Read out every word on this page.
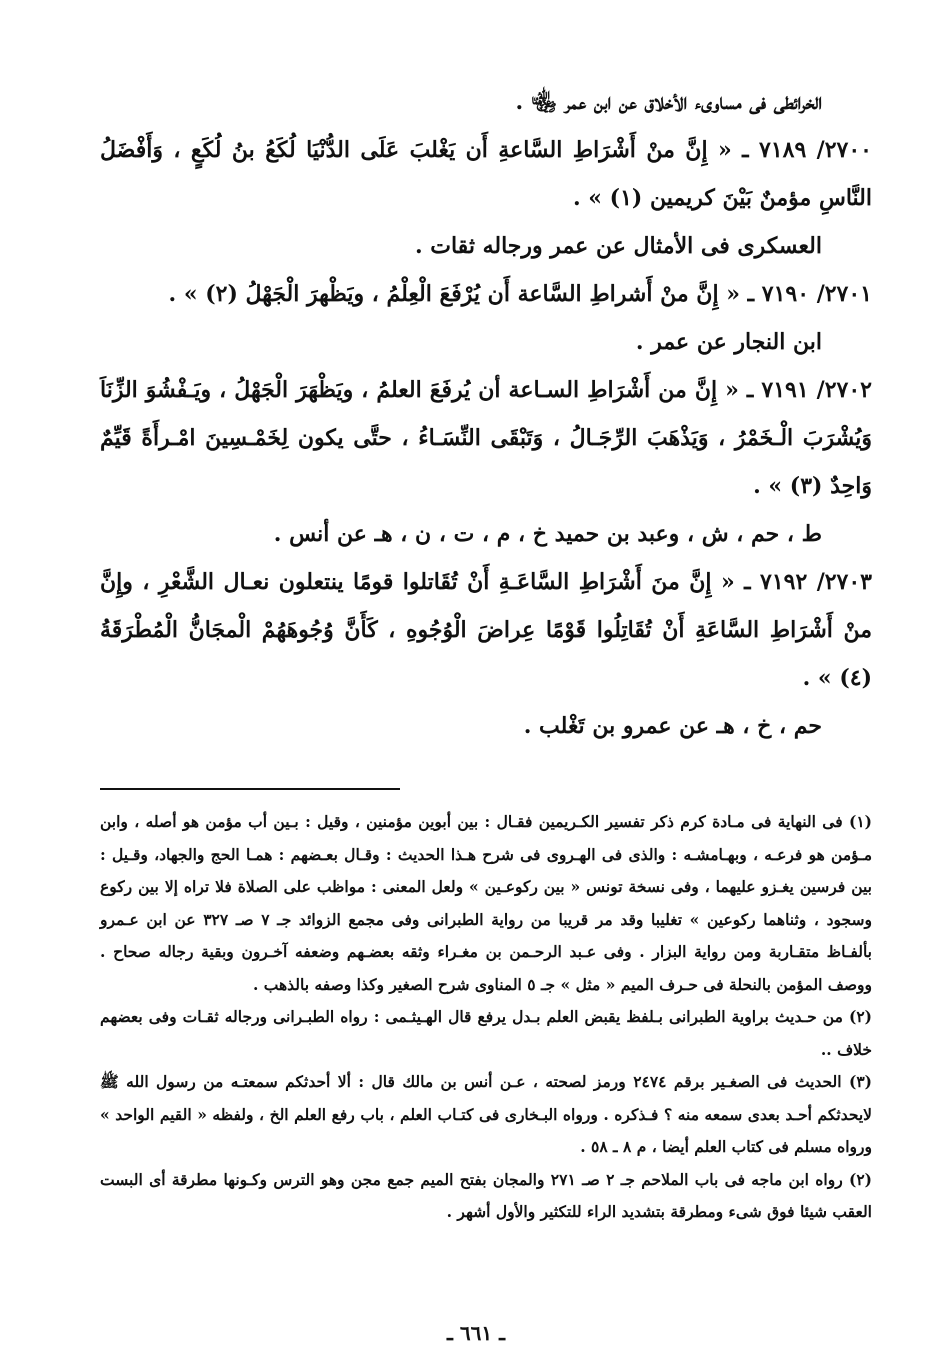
الخرائطى فى مساوىء الأخلاق عن ابن عمر ﵄ .

٢٧٠٠/ ٧١٨٩ ـ « إِنَّ منْ أَشْرَاطِ السَّاعةِ أَن يَغْلبَ عَلَى الدُّنْيَا لُكَعُ بنُ لُكَعٍ ، وَأَفْضَلُ النَّاسِ مؤمنٌ بَيْنَ كريمين (١) » .

العسكرى فى الأمثال عن عمر ورجاله ثقات .

٢٧٠١/ ٧١٩٠ ـ « إِنَّ منْ أَشراطِ السَّاعة أَن يُرْفَعَ الْعِلْمُ ، ويَظْهرَ الْجَهْلُ (٢) » .

ابن النجار عن عمر .

٢٧٠٢/ ٧١٩١ ـ « إِنَّ من أَشْرَاطِ السـاعة أن يُرفَعَ العلمُ ، ويَظْهَرَ الْجَهْلُ ، ويَـفْشُوَ الزِّنَاَ وَيُشْرَبَ الْـخَمْرُ ، وَيَذْهَبَ الرِّجَـالُ ، وَتَبْقَى النِّسَـاءُ ، حتَّى يكون لِخَمْـسِينَ امْـرأَةً قَيِّمٌ وَاحِدٌ (٣) » .

ط ، حم ، ش ، وعبد بن حميد خ ، م ، ت ، ن ، هـ عن أنس .

٢٧٠٣/ ٧١٩٢ ـ « إِنَّ منَ أَشْرَاطِ السَّاعَـةِ أَنْ تُقَاتلوا قومًا ينتعلون نعـال الشَّعْرِ ، وإِنَّ منْ أَشْرَاطِ السَّاعَةِ أَنْ تُقَاتِلُوا قَوْمًا عِراضَ الْوُجُوهِ ، كَأَنَّ وُجُوهَهُمْ الْمجَانُّ الْمُطْرَقَةُ (٤) » .

حم ، خ ، هـ عن عمرو بن تَغْلب .

(١) فى النهاية فى مـادة كرم ذكر تفسير الكـريمين فقـال : بين أبوين مؤمنين ، وقيل : بـين أب مؤمن هو أصله ، وابن مـؤمن هو فرعـه ، وبهـامشـه : والذى فى الهـروى فى شرح هـذا الحديث : وقـال بعـضهم : همـا الحج والجهاد، وقـيل : بين فرسين يغـزو عليهما ، وفى نسخة تونس « بين ركوعـين » ولعل المعنى : مواظب على الصلاة فلا تراه إلا بين ركوع وسجود ، وثناهما ركوعين » تغليبا وقد مر قريبا من رواية الطبرانى وفى مجمع الزوائد جـ ٧ صـ ٣٢٧ عن ابن عـمرو بألفـاظ متقـاربة ومن رواية البزار . وفى عـبد الرحـمن بن مغـراء وثقه بعضـهم وضعفه آخـرون وبقية رجاله صحاح . ووصف المؤمن بالنحلة فى حـرف الميم « مثل » جـ ٥ المناوى شرح الصغير وكذا وصفه بالذهب .

(٢) من حـديث براوية الطبرانى بـلفظ يقبض العلم بـدل يرفع قال الهـيثـمى : رواه الطبـرانى ورجاله ثقـات وفى بعضهم خلاف ..

(٣) الحديث فى الصغـير برقم ٢٤٧٤ ورمز لصحته ، عـن أنس بن مالك قال : ألا أحدثكم سمعتـه من رسول الله ﷺ لايحدثكم أحـد بعدى سمعه منه ؟ فـذكره . ورواه البـخارى فى كتـاب العلم ، باب رفع العلم الخ ، ولفظه « القيم الواحد » ورواه مسلم فى كتاب العلم أيضا ، م ٨ ـ ٥٨ .

(٢) رواه ابن ماجه فى باب الملاحم جـ ٢ صـ ٢٧١ والمجان بفتح الميم جمع مجن وهو الترس وكـونها مطرقة أى البست العقب شيئا فوق شىء ومطرقة بتشديد الراء للتكثير والأول أشهر .

ـ ٦٦١ ـ
